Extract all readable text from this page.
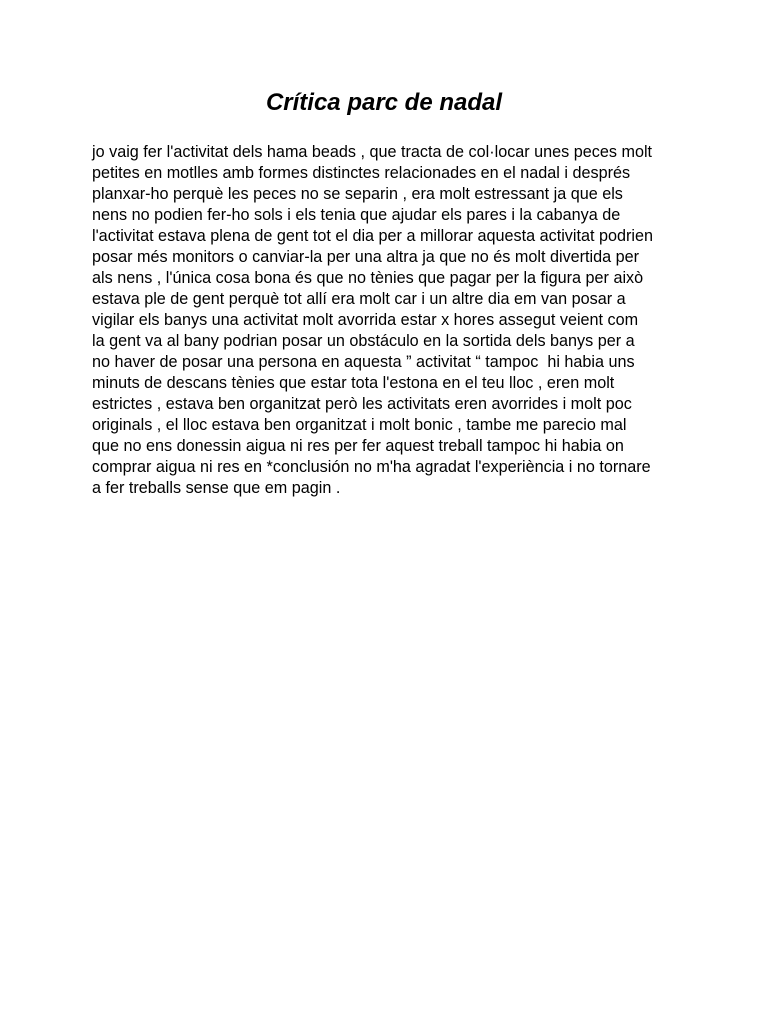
Crítica parc de nadal
jo vaig fer l'activitat dels hama beads , que tracta de col·locar unes peces molt
petites en motlles amb formes distinctes relacionades en el nadal i després
planxar-ho perquè les peces no se separin , era molt estressant ja que els
nens no podien fer-ho sols i els tenia que ajudar els pares i la cabanya de
l'activitat estava plena de gent tot el dia per a millorar aquesta activitat podrien
posar més monitors o canviar-la per una altra ja que no és molt divertida per
als nens , l'única cosa bona és que no tènies que pagar per la figura per això
estava ple de gent perquè tot allí era molt car i un altre dia em van posar a
vigilar els banys una activitat molt avorrida estar x hores assegut veient com
la gent va al bany podrian posar un obstáculo en la sortida dels banys per a
no haver de posar una persona en aquesta ” activitat “ tampoc  hi habia uns
minuts de descans tènies que estar tota l'estona en el teu lloc , eren molt
estrictes , estava ben organitzat però les activitats eren avorrides i molt poc
originals , el lloc estava ben organitzat i molt bonic , tambe me parecio mal
que no ens donessin aigua ni res per fer aquest treball tampoc hi habia on
comprar aigua ni res en *conclusión no m'ha agradat l'experiència i no tornare
a fer treballs sense que em pagin .
